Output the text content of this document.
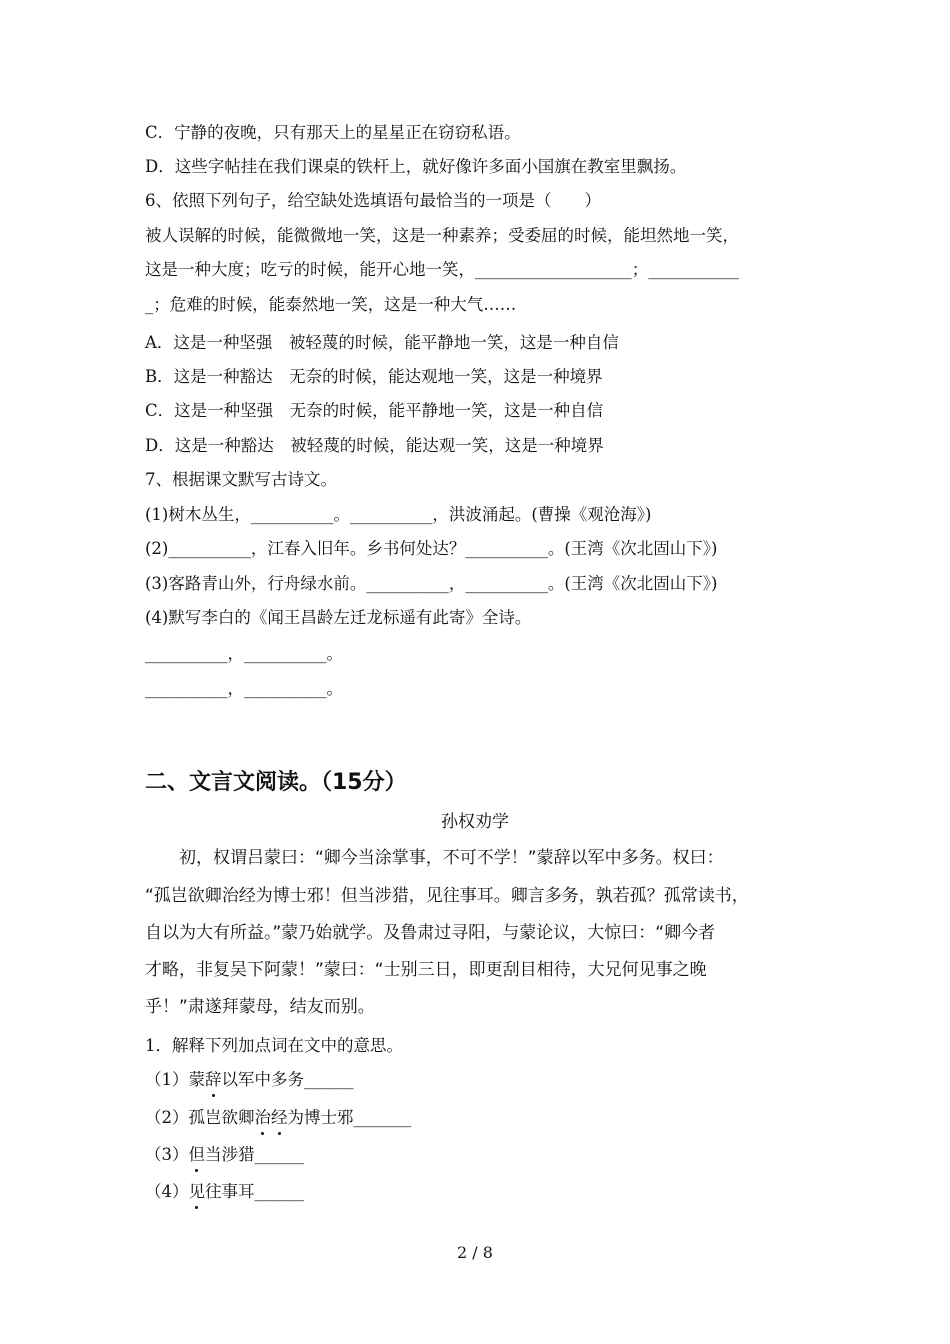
C．宁静的夜晚，只有那天上的星星正在窃窃私语。
D．这些字帖挂在我们课桌的铁杆上，就好像许多面小国旗在教室里飘扬。
6、依照下列句子，给空缺处选填语句最恰当的一项是（　　）
被人误解的时候，能微微地一笑，这是一种素养；受委屈的时候，能坦然地一笑，
这是一种大度；吃亏的时候，能开心地一笑，___________________；___________
_；危难的时候，能泰然地一笑，这是一种大气……
A．这是一种坚强　被轻蔑的时候，能平静地一笑，这是一种自信
B．这是一种豁达　无奈的时候，能达观地一笑，这是一种境界
C．这是一种坚强　无奈的时候，能平静地一笑，这是一种自信
D．这是一种豁达　被轻蔑的时候，能达观一笑，这是一种境界
7、根据课文默写古诗文。
(1)树木丛生，__________。__________，洪波涌起。(曹操《观沧海》)
(2)__________，江春入旧年。乡书何处达？__________。(王湾《次北固山下》)
(3)客路青山外，行舟绿水前。__________，__________。(王湾《次北固山下》)
(4)默写李白的《闻王昌龄左迁龙标遥有此寄》全诗。
__________，__________。
__________，__________。
二、文言文阅读。（15分）
孙权劝学
　　初，权谓吕蒙曰：“卿今当涂掌事，不可不学！”蒙辞以军中多务。权曰：
“孤岂欲卿治经为博士邪！但当涉猎，见往事耳。卿言多务，孰若孤？孤常读书，
自以为大有所益。”蒙乃始就学。及鲁肃过寻阳，与蒙论议，大惊曰：“卿今者
才略，非复吴下阿蒙！”蒙曰：“士别三日，即更刮目相待，大兄何见事之晚
乎！”肃遂拜蒙母，结友而别。
1．解释下列加点词在文中的意思。
（1）蒙辞以军中多务______
（2）孤岂欲卿治经为博士邪_______
（3）但当涉猎______
（4）见往事耳______
2 / 8
